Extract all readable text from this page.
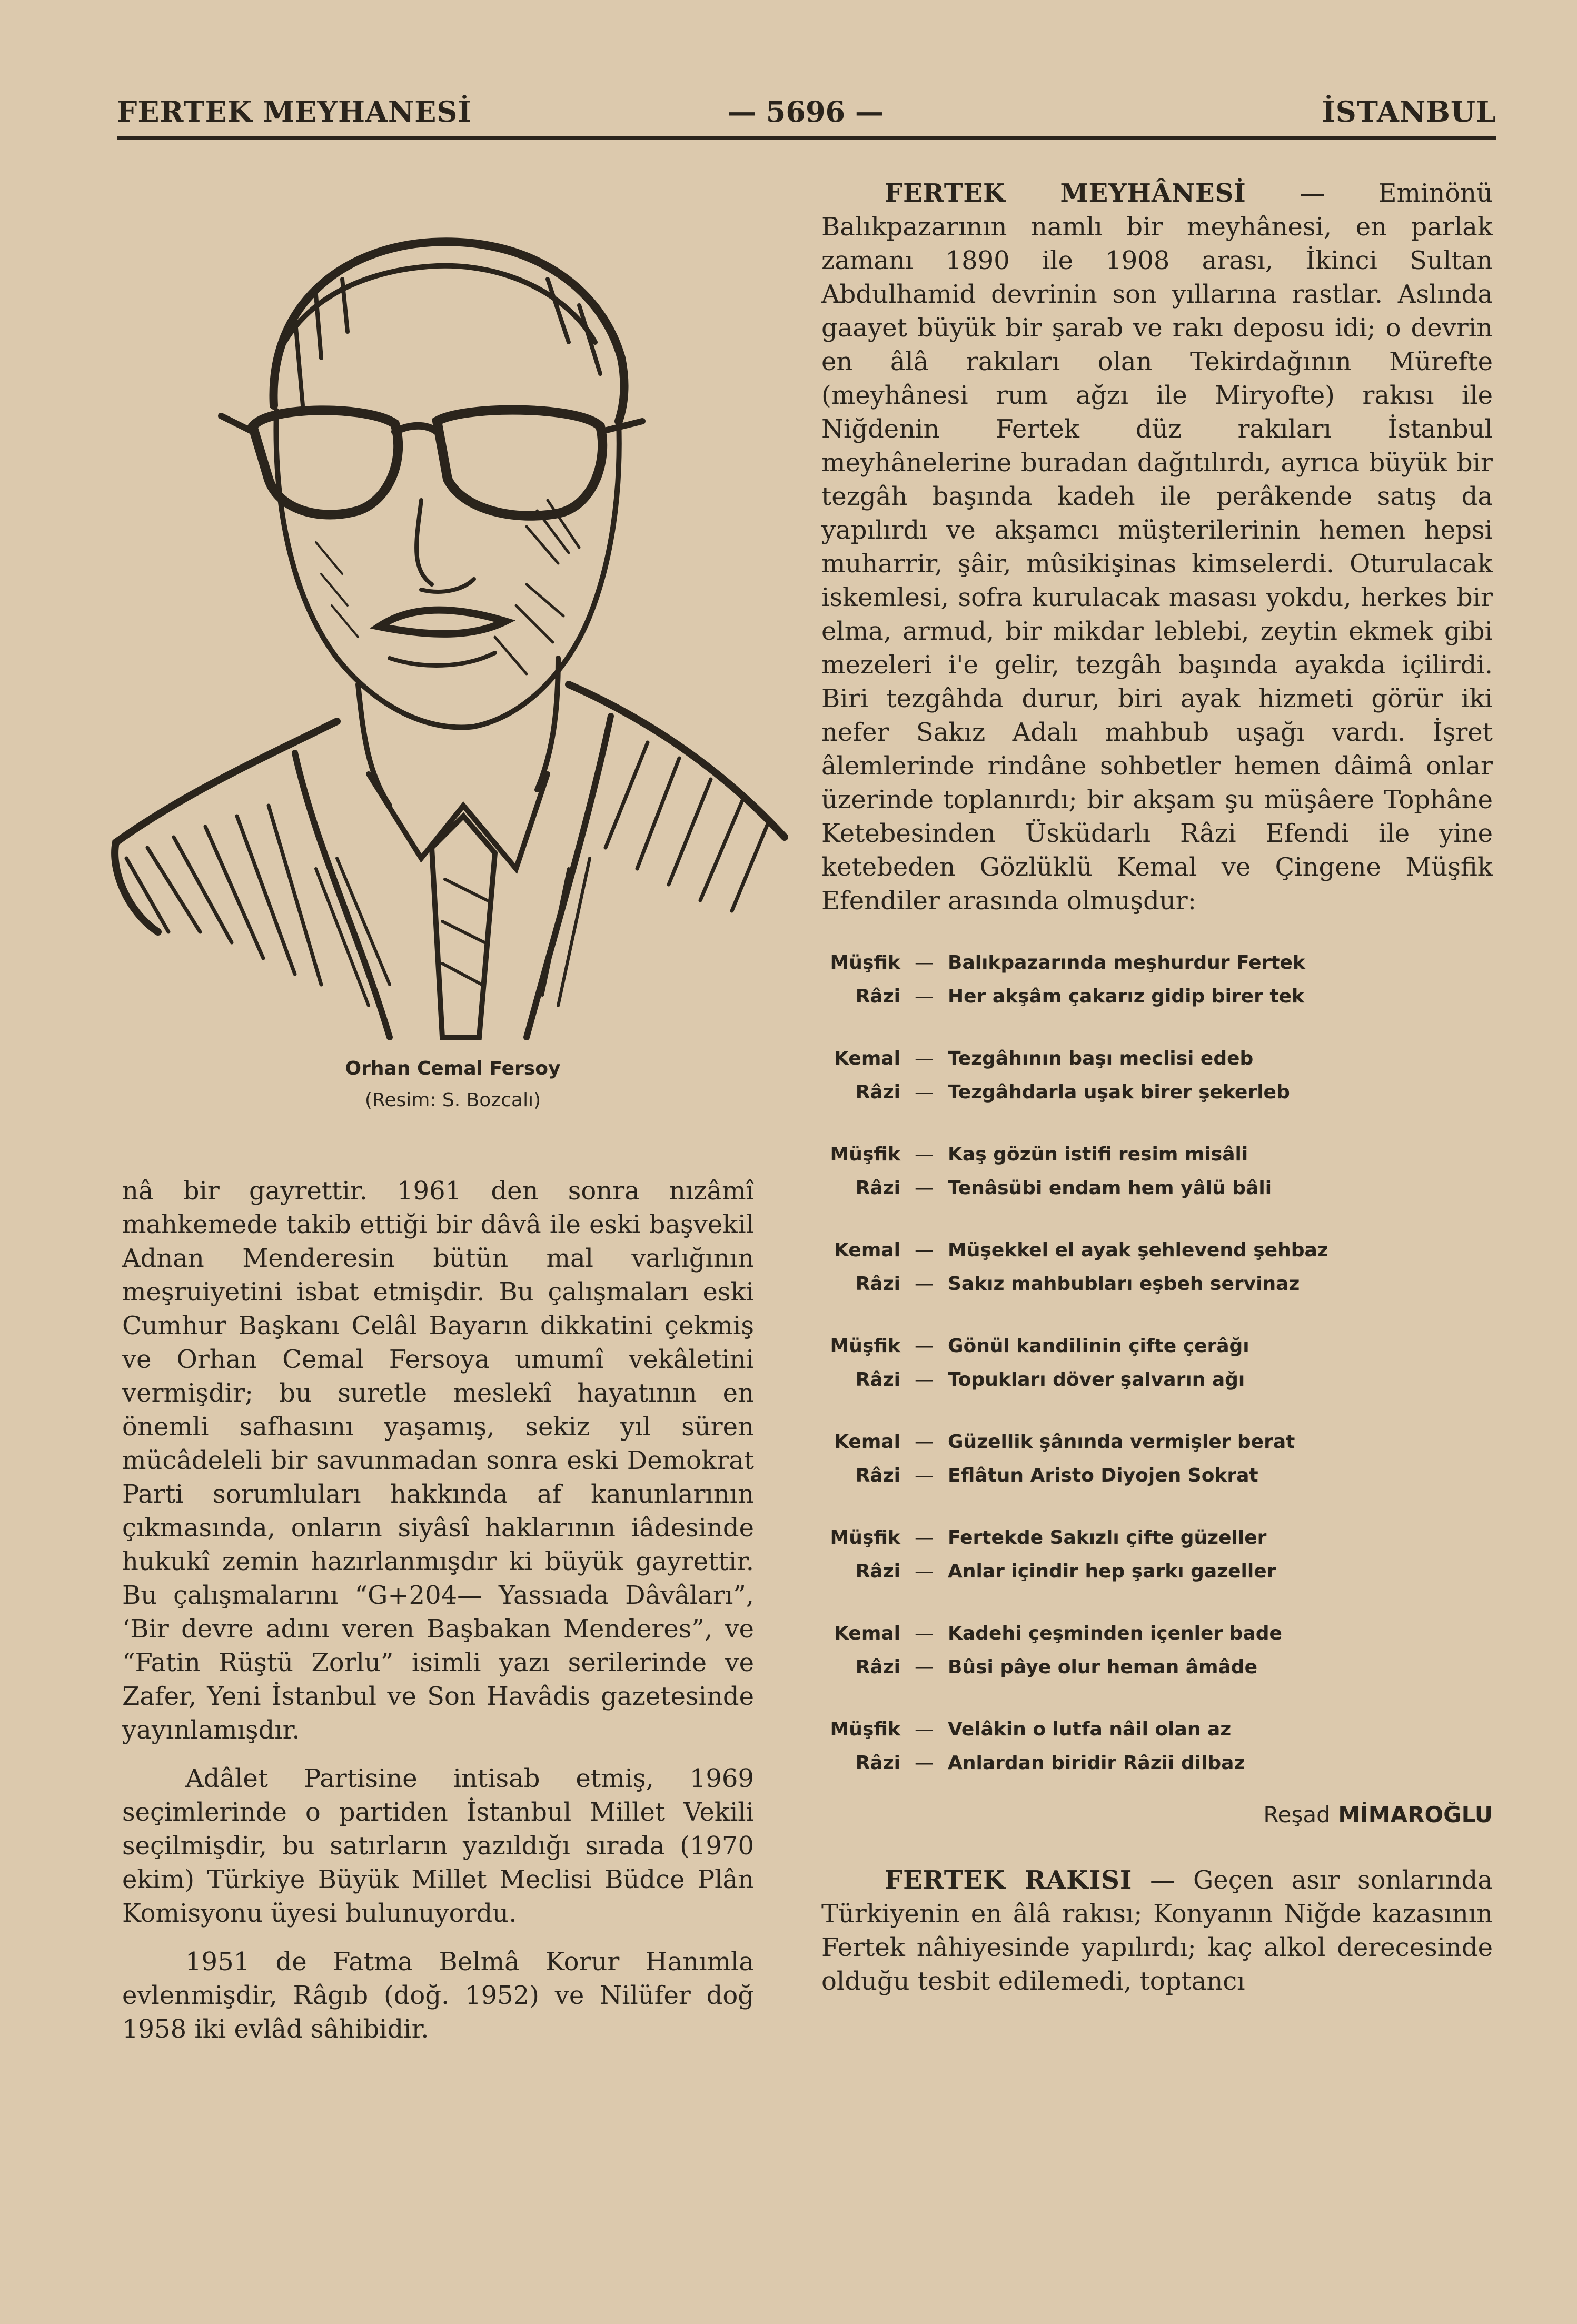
FERTEK MEYHANESİ	— 5696 —	İSTANBUL
Orhan Cemal Fersoy
(Resim: S. Bozcalı)

nâ bir gayrettir. 1961 den sonra nızâmî mahkemede takib ettiği bir dâvâ ile eski başvekil Adnan Menderesin bütün mal varlığının meşruiyetini isbat etmişdir. Bu çalışmaları eski Cumhur Başkanı Celâl Bayarın dikkatini çekmiş ve Orhan Cemal Fersoya umumî vekâletini vermişdir; bu suretle meslekî hayatının en önemli safhasını yaşamış, sekiz yıl süren mücâdeleli bir savunmadan sonra eski Demokrat Parti sorumluları hakkında af kanunlarının çıkmasında, onların siyâsî haklarının iâdesinde hukukî zemin hazırlanmışdır ki büyük gayrettir. Bu çalışmalarını “G+204— Yassıada Dâvâları”, ‘Bir devre adını veren Başbakan Menderes”, ve “Fatin Rüştü Zorlu” isimli yazı serilerinde ve Zafer, Yeni İstanbul ve Son Havâdis gazetesinde yayınlamışdır.

Adâlet Partisine intisab etmiş, 1969 seçimlerinde o partiden İstanbul Millet Vekili seçilmişdir, bu satırların yazıldığı sırada (1970 ekim) Türkiye Büyük Millet Meclisi Büdce Plân Komisyonu üyesi bulunuyordu.

1951 de Fatma Belmâ Korur Hanımla evlenmişdir, Râgıb (doğ. 1952) ve Nilüfer doğ 1958 iki evlâd sâhibidir.

FERTEK MEYHÂNESİ — Eminönü Balıkpazarının namlı bir meyhânesi, en parlak zamanı 1890 ile 1908 arası, İkinci Sultan Abdulhamid devrinin son yıllarına rastlar. Aslında gaayet büyük bir şarab ve rakı deposu idi; o devrin en âlâ rakıları olan Tekirdağının Mürefte (meyhânesi rum ağzı ile Miryofte) rakısı ile Niğdenin Fertek düz rakıları İstanbul meyhânelerine buradan dağıtılırdı, ayrıca büyük bir tezgâh başında kadeh ile perâkende satış da yapılırdı ve akşamcı müşterilerinin hemen hepsi muharrir, şâir, mûsikişinas kimselerdi. Oturulacak iskemlesi, sofra kurulacak masası yokdu, herkes bir elma, armud, bir mikdar leblebi, zeytin ekmek gibi mezeleri i'e gelir, tezgâh başında ayakda içilirdi. Biri tezgâhda durur, biri ayak hizmeti görür iki nefer Sakız Adalı mahbub uşağı vardı. İşret âlemlerinde rindâne sohbetler hemen dâimâ onlar üzerinde toplanırdı; bir akşam şu müşâere Tophâne Ketebesinden Üsküdarlı Râzi Efendi ile yine ketebeden Gözlüklü Kemal ve Çingene Müşfik Efendiler arasında olmuşdur:

Müşfik — Balıkpazarında meşhurdur Fertek
Râzi — Her akşâm çakarız gidip birer tek
Kemal — Tezgâhının başı meclisi edeb
Râzi — Tezgâhdarla uşak birer şekerleb
Müşfik — Kaş gözün istifi resim misâli
Râzi — Tenâsübi endam hem yâlü bâli
Kemal — Müşekkel el ayak şehlevend şehbaz
Râzi — Sakız mahbubları eşbeh servinaz
Müşfik — Gönül kandilinin çifte çerâğı
Râzi — Topukları döver şalvarın ağı
Kemal — Güzellik şânında vermişler berat
Râzi — Eflâtun Aristo Diyojen Sokrat
Müşfik — Fertekde Sakızlı çifte güzeller
Râzi — Anlar içindir hep şarkı gazeller
Kemal — Kadehi çeşminden içenler bade
Râzi — Bûsi pâye olur heman âmâde
Müşfik — Velâkin o lutfa nâil olan az
Râzi — Anlardan biridir Râzii dilbaz
Reşad MİMAROĞLU

FERTEK RAKISI — Geçen asır sonlarında Türkiyenin en âlâ rakısı; Konyanın Niğde kazasının Fertek nâhiyesinde yapılırdı; kaç alkol derecesinde olduğu tesbit edilemedi, toptancı
